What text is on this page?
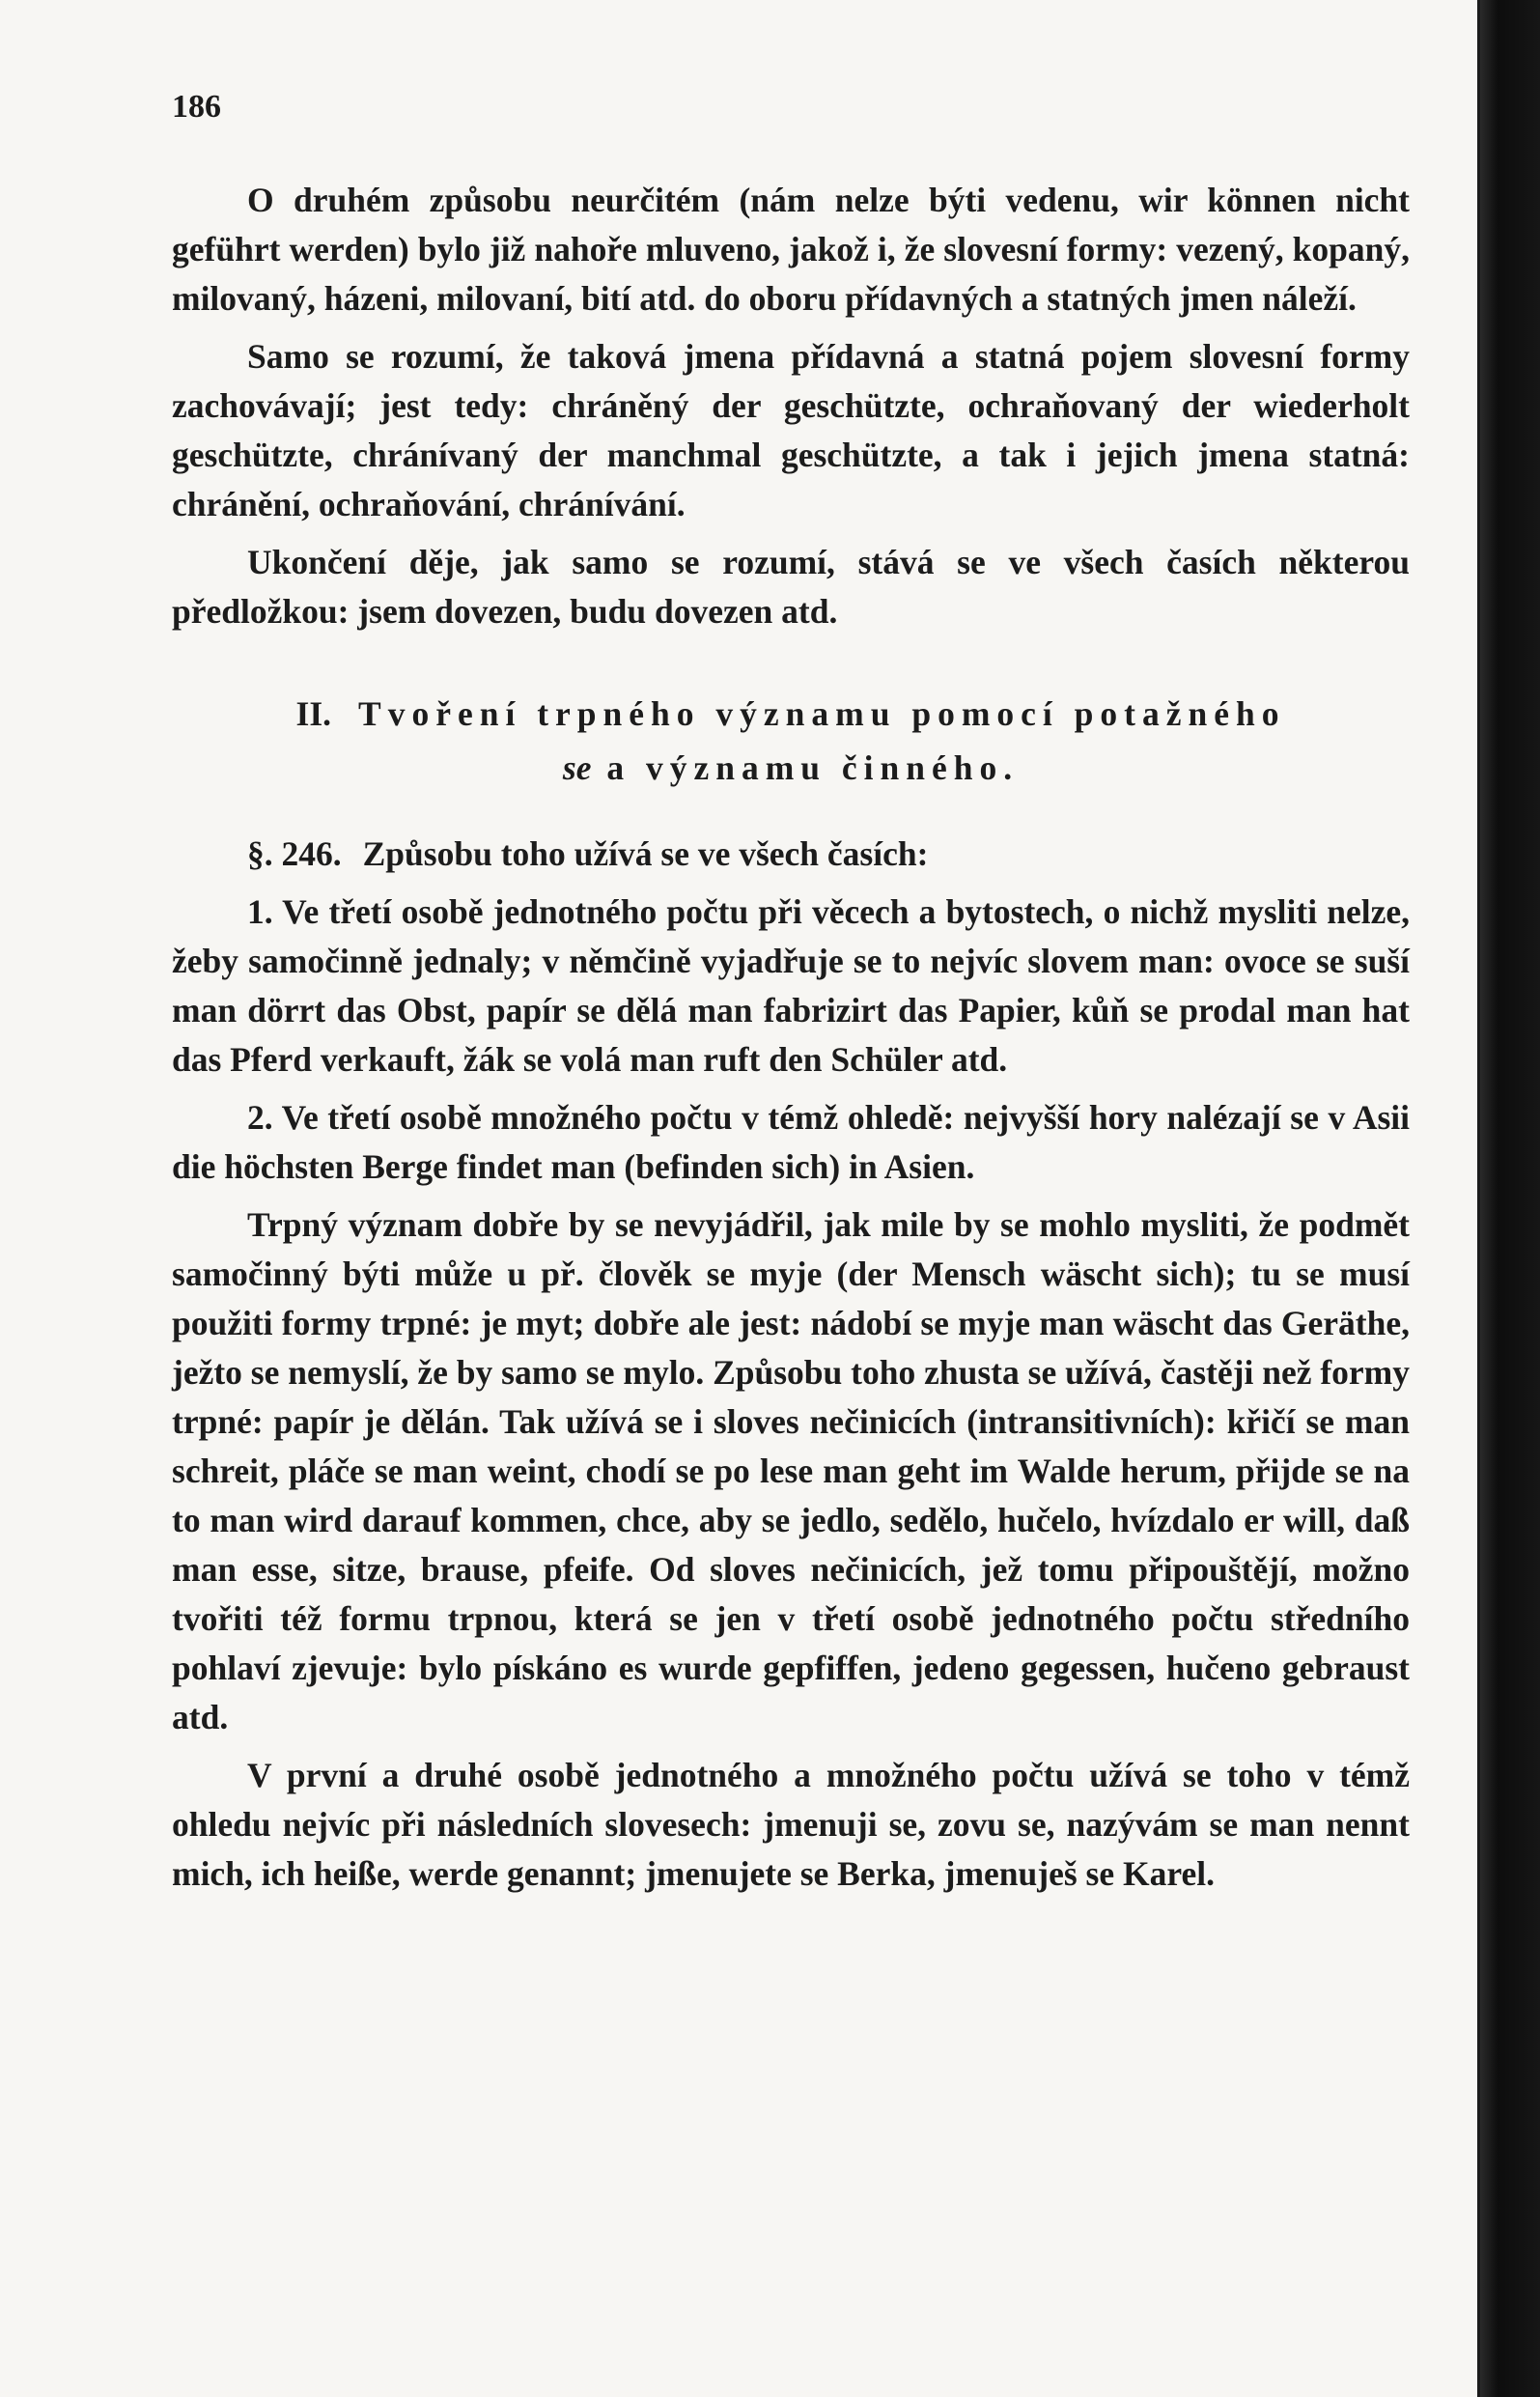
186

O druhém způsobu neurčitém (nám nelze býti vedenu, wir können nicht geführt werden) bylo již nahoře mluveno, jakož i, že slovesní formy: vezený, kopaný, milovaný, házeni, milovaní, bití atd. do oboru přídavných a statných jmen náleží.

Samo se rozumí, že taková jmena přídavná a statná pojem slovesní formy zachovávají; jest tedy: chráněný der geschützte, ochraňovaný der wiederholt geschützte, chránívaný der manchmal geschützte, a tak i jejich jmena statná: chránění, ochraňování, chránívání.

Ukončení děje, jak samo se rozumí, stává se ve všech časích některou předložkou: jsem dovezen, budu dovezen atd.

II. Tvoření trpného významu pomocí potažného
se a významu činného.

§. 246. Způsobu toho užívá se ve všech časích:

1. Ve třetí osobě jednotného počtu při věcech a bytostech, o nichž mysliti nelze, žeby samočinně jednaly; v němčině vyjadřuje se to nejvíc slovem man: ovoce se suší man dörrt das Obst, papír se dělá man fabrizirt das Papier, kůň se prodal man hat das Pferd verkauft, žák se volá man ruft den Schüler atd.

2. Ve třetí osobě množného počtu v témž ohledě: nejvyšší hory nalézají se v Asii die höchsten Berge findet man (befinden sich) in Asien.

Trpný význam dobře by se nevyjádřil, jak mile by se mohlo mysliti, že podmět samočinný býti může u př. člověk se myje (der Mensch wäscht sich); tu se musí použiti formy trpné: je myt; dobře ale jest: nádobí se myje man wäscht das Geräthe, ježto se nemyslí, že by samo se mylo. Způsobu toho zhusta se užívá, častěji než formy trpné: papír je dělán. Tak užívá se i sloves nečinicích (intransitivních): křičí se man schreit, pláče se man weint, chodí se po lese man geht im Walde herum, přijde se na to man wird darauf kommen, chce, aby se jedlo, sedělo, hučelo, hvízdalo er will, daß man esse, sitze, brause, pfeife. Od sloves nečinicích, jež tomu připouštějí, možno tvořiti též formu trpnou, která se jen v třetí osobě jednotného počtu středního pohlaví zjevuje: bylo pískáno es wurde gepfiffen, jedeno gegessen, hučeno gebraust atd.

V první a druhé osobě jednotného a množného počtu užívá se toho v témž ohledu nejvíc při následních slovesech: jmenuji se, zovu se, nazývám se man nennt mich, ich heiße, werde genannt; jmenujete se Berka, jmenuješ se Karel.
